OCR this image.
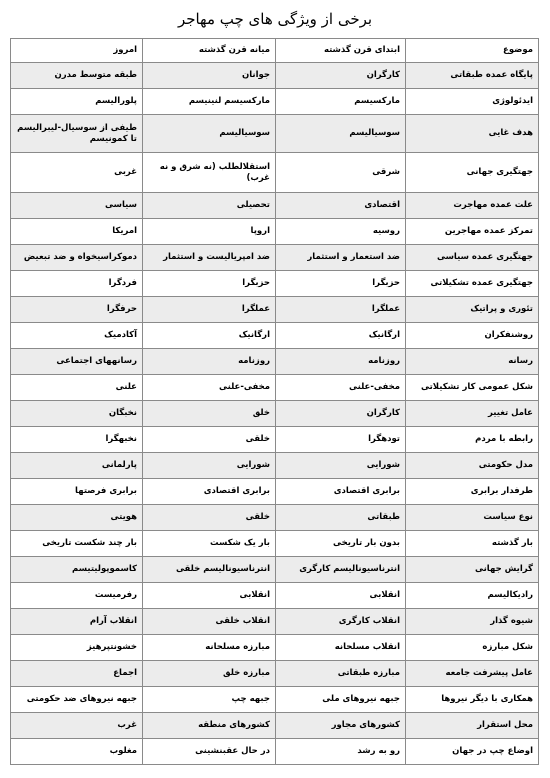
برخی از ویژگی های چپ مهاجر
موضوع	ابتدای قرن گذشته	میانه قرن گذشته	امروز
پایگاه عمده طبقاتی	کارگران	جوانان	طبقه متوسط مدرن
ایدئولوژی	مارکسیسم	مارکسیسم لنینیسم	پلورالیسم
هدف غایی	سوسیالیسم	سوسیالیسم	طیفی از سوسیال-لیبرالیسم تا کمونیسم
جهتگیری جهانی	شرقی	استقلالطلب (نه شرق و نه غرب)	غربی
علت عمده مهاجرت	اقتصادی	تحصیلی	سیاسی
تمرکز عمده مهاجرین	روسیه	اروپا	امریکا
جهتگیری عمده سیاسی	ضد استعمار و استثمار	ضد امپریالیست و استثمار	دموکراسیخواه و ضد تبعیض
جهتگیری عمده تشکیلاتی	حزبگرا	حزبگرا	فردگرا
تئوری و پراتیک	عملگرا	عملگرا	حرفگرا
روشنفکران	ارگانیک	ارگانیک	آکادمیک
رسانه	روزنامه	روزنامه	رسانههای اجتماعی
شکل عمومی کار تشکیلاتی	مخفی-علنی	مخفی-علنی	علنی
عامل تغییر	کارگران	خلق	نخبگان
رابطه با مردم	تودهگرا	خلقی	نخبهگرا
مدل حکومتی	شورایی	شورایی	پارلمانی
طرفدار برابری	برابری اقتصادی	برابری اقتصادی	برابری فرصتها
نوع سیاست	طبقاتی	خلقی	هویتی
بار گذشته	بدون بار تاریخی	بار یک شکست	بار چند شکست تاریخی
گرایش جهانی	انترناسیونالیسم کارگری	انترناسیونالیسم خلقی	کاسموپولیتیسم
رادیکالیسم	انقلابی	انقلابی	رفرمیست
شیوه گذار	انقلاب کارگری	انقلاب خلقی	انقلاب آرام
شکل مبارزه	انقلاب مسلحانه	مبارزه مسلحانه	خشونتپرهیز
عامل پیشرفت جامعه	مبارزه طبقاتی	مبارزه خلق	اجماع
همکاری با دیگر نیروها	جبهه نیروهای ملی	جبهه چپ	جبهه نیروهای ضد حکومتی
محل استقرار	کشورهای مجاور	کشورهای منطقه	غرب
اوضاع چپ در جهان	رو به رشد	در حال عقبنشینی	مغلوب
